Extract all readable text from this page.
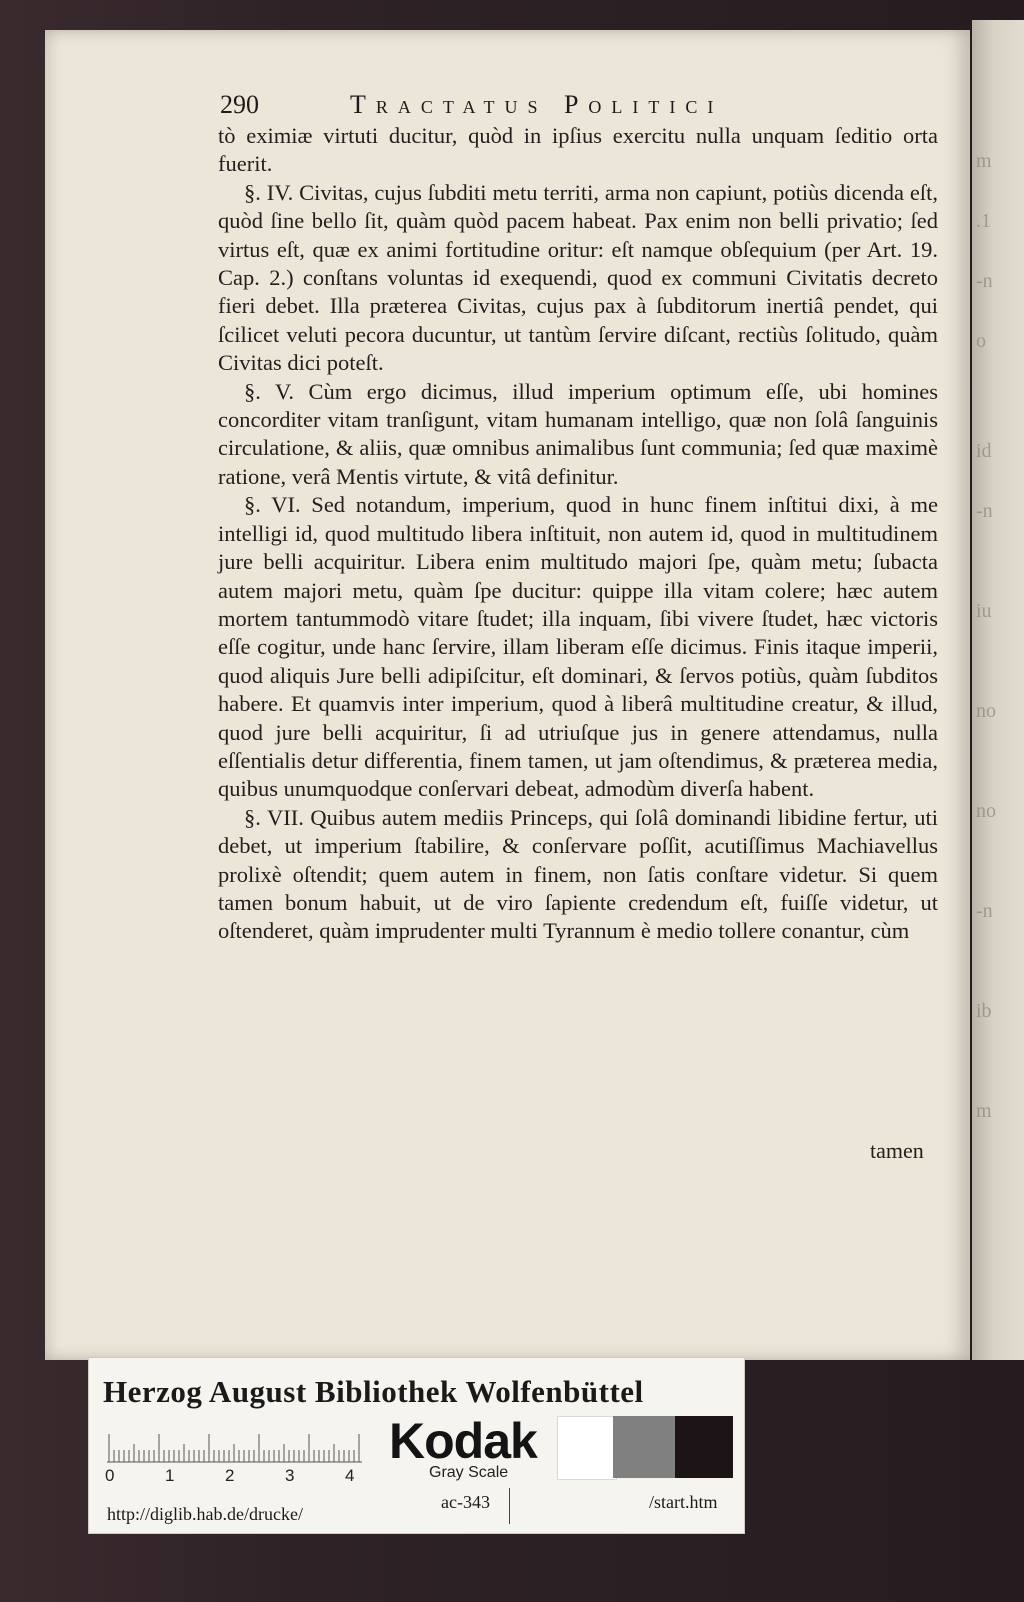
m
.1
-n
o
id
-n
iu
no
no
-n
ib
m
290	Tractatus Politici

tò eximiæ virtuti ducitur, quòd in ipſius exercitu nulla unquam ſeditio orta fuerit.

§. IV. Civitas, cujus ſubditi metu territi, arma non capiunt, potiùs dicenda eſt, quòd ſine bello ſit, quàm quòd pacem habeat. Pax enim non belli privatio; ſed virtus eſt, quæ ex animi fortitudine oritur: eſt namque obſequium (per Art. 19. Cap. 2.) conſtans voluntas id exequendi, quod ex communi Civitatis decreto fieri debet. Illa præterea Civitas, cujus pax à ſubditorum inertiâ pendet, qui ſcilicet veluti pecora ducuntur, ut tantùm ſervire diſcant, rectiùs ſolitudo, quàm Civitas dici poteſt.

§. V. Cùm ergo dicimus, illud imperium optimum eſſe, ubi homines concorditer vitam tranſigunt, vitam humanam intelligo, quæ non ſolâ ſanguinis circulatione, & aliis, quæ omnibus animalibus ſunt communia; ſed quæ maximè ratione, verâ Mentis virtute, & vitâ definitur.

§. VI. Sed notandum, imperium, quod in hunc finem inſtitui dixi, à me intelligi id, quod multitudo libera inſtituit, non autem id, quod in multitudinem jure belli acquiritur. Libera enim multitudo majori ſpe, quàm metu; ſubacta autem majori metu, quàm ſpe ducitur: quippe illa vitam colere; hæc autem mortem tantummodò vitare ſtudet; illa inquam, ſibi vivere ſtudet, hæc victoris eſſe cogitur, unde hanc ſervire, illam liberam eſſe dicimus. Finis itaque imperii, quod aliquis Jure belli adipiſcitur, eſt dominari, & ſervos potiùs, quàm ſubditos habere. Et quamvis inter imperium, quod à liberâ multitudine creatur, & illud, quod jure belli acquiritur, ſi ad utriuſque jus in genere attendamus, nulla eſſentialis detur differentia, finem tamen, ut jam oſtendimus, & præterea media, quibus unumquodque conſervari debeat, admodùm diverſa habent.

§. VII. Quibus autem mediis Princeps, qui ſolâ dominandi libidine fertur, uti debet, ut imperium ſtabilire, & conſervare poſſit, acutiſſimus Machiavellus prolixè oſtendit; quem autem in finem, non ſatis conſtare videtur. Si quem tamen bonum habuit, ut de viro ſapiente credendum eſt, fuiſſe videtur, ut oſtenderet, quàm imprudenter multi Tyrannum è medio tollere conantur, cùm

tamen
Herzog August Bibliothek Wolfenbüttel
0	1	2	3	4
Kodak
Gray Scale
http://diglib.hab.de/drucke/
ac-343	/start.htm
